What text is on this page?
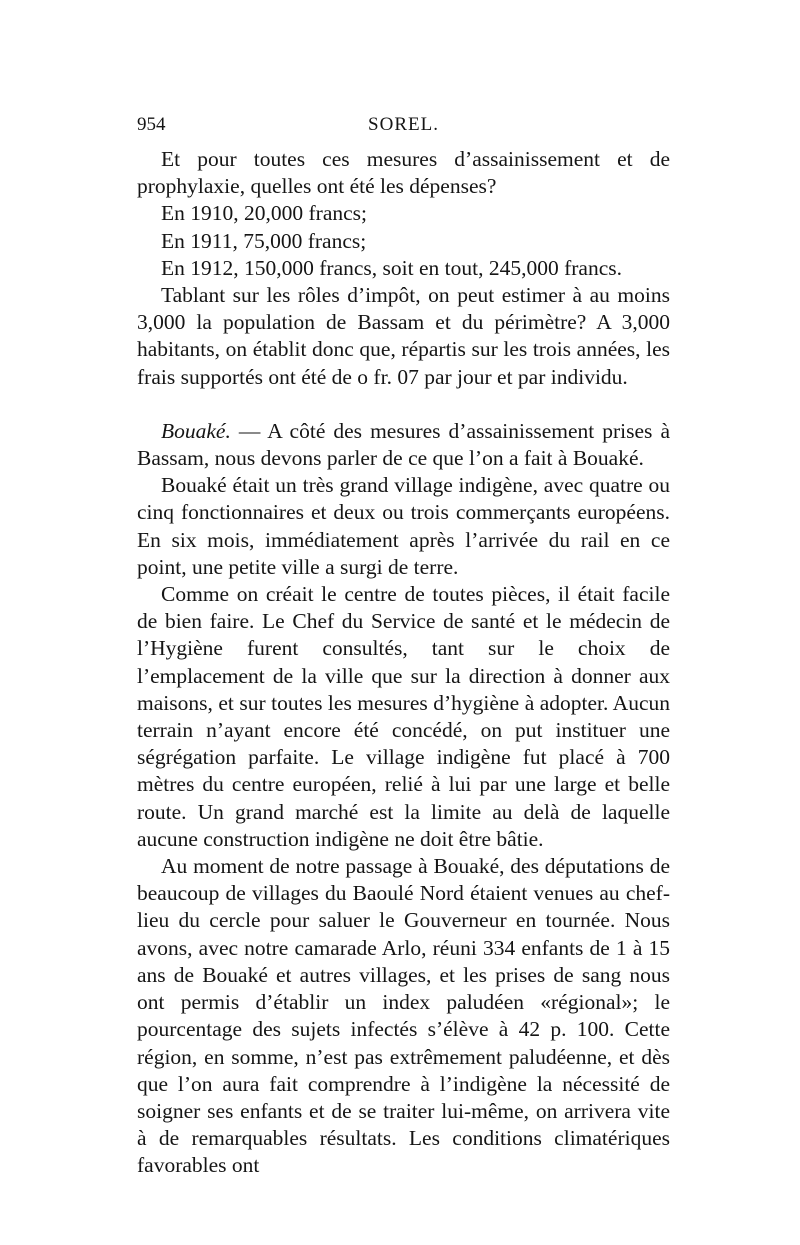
954	SOREL.

Et pour toutes ces mesures d’assainissement et de prophylaxie, quelles ont été les dépenses?

En 1910, 20,000 francs;

En 1911, 75,000 francs;

En 1912, 150,000 francs, soit en tout, 245,000 francs.

Tablant sur les rôles d’impôt, on peut estimer à au moins 3,000 la population de Bassam et du périmètre? A 3,000 habitants, on établit donc que, répartis sur les trois années, les frais supportés ont été de o fr. 07 par jour et par individu.

Bouaké. — A côté des mesures d’assainissement prises à Bassam, nous devons parler de ce que l’on a fait à Bouaké.

Bouaké était un très grand village indigène, avec quatre ou cinq fonctionnaires et deux ou trois commerçants européens. En six mois, immédiatement après l’arrivée du rail en ce point, une petite ville a surgi de terre.

Comme on créait le centre de toutes pièces, il était facile de bien faire. Le Chef du Service de santé et le médecin de l’Hygiène furent consultés, tant sur le choix de l’emplacement de la ville que sur la direction à donner aux maisons, et sur toutes les mesures d’hygiène à adopter. Aucun terrain n’ayant encore été concédé, on put instituer une ségrégation parfaite. Le village indigène fut placé à 700 mètres du centre européen, relié à lui par une large et belle route. Un grand marché est la limite au delà de laquelle aucune construction indigène ne doit être bâtie.

Au moment de notre passage à Bouaké, des députations de beaucoup de villages du Baoulé Nord étaient venues au chef-lieu du cercle pour saluer le Gouverneur en tournée. Nous avons, avec notre camarade Arlo, réuni 334 enfants de 1 à 15 ans de Bouaké et autres villages, et les prises de sang nous ont permis d’établir un index paludéen «régional»; le pourcentage des sujets infectés s’élève à 42 p. 100. Cette région, en somme, n’est pas extrêmement paludéenne, et dès que l’on aura fait comprendre à l’indigène la nécessité de soigner ses enfants et de se traiter lui-même, on arrivera vite à de remarquables résultats. Les conditions climatériques favorables ont
